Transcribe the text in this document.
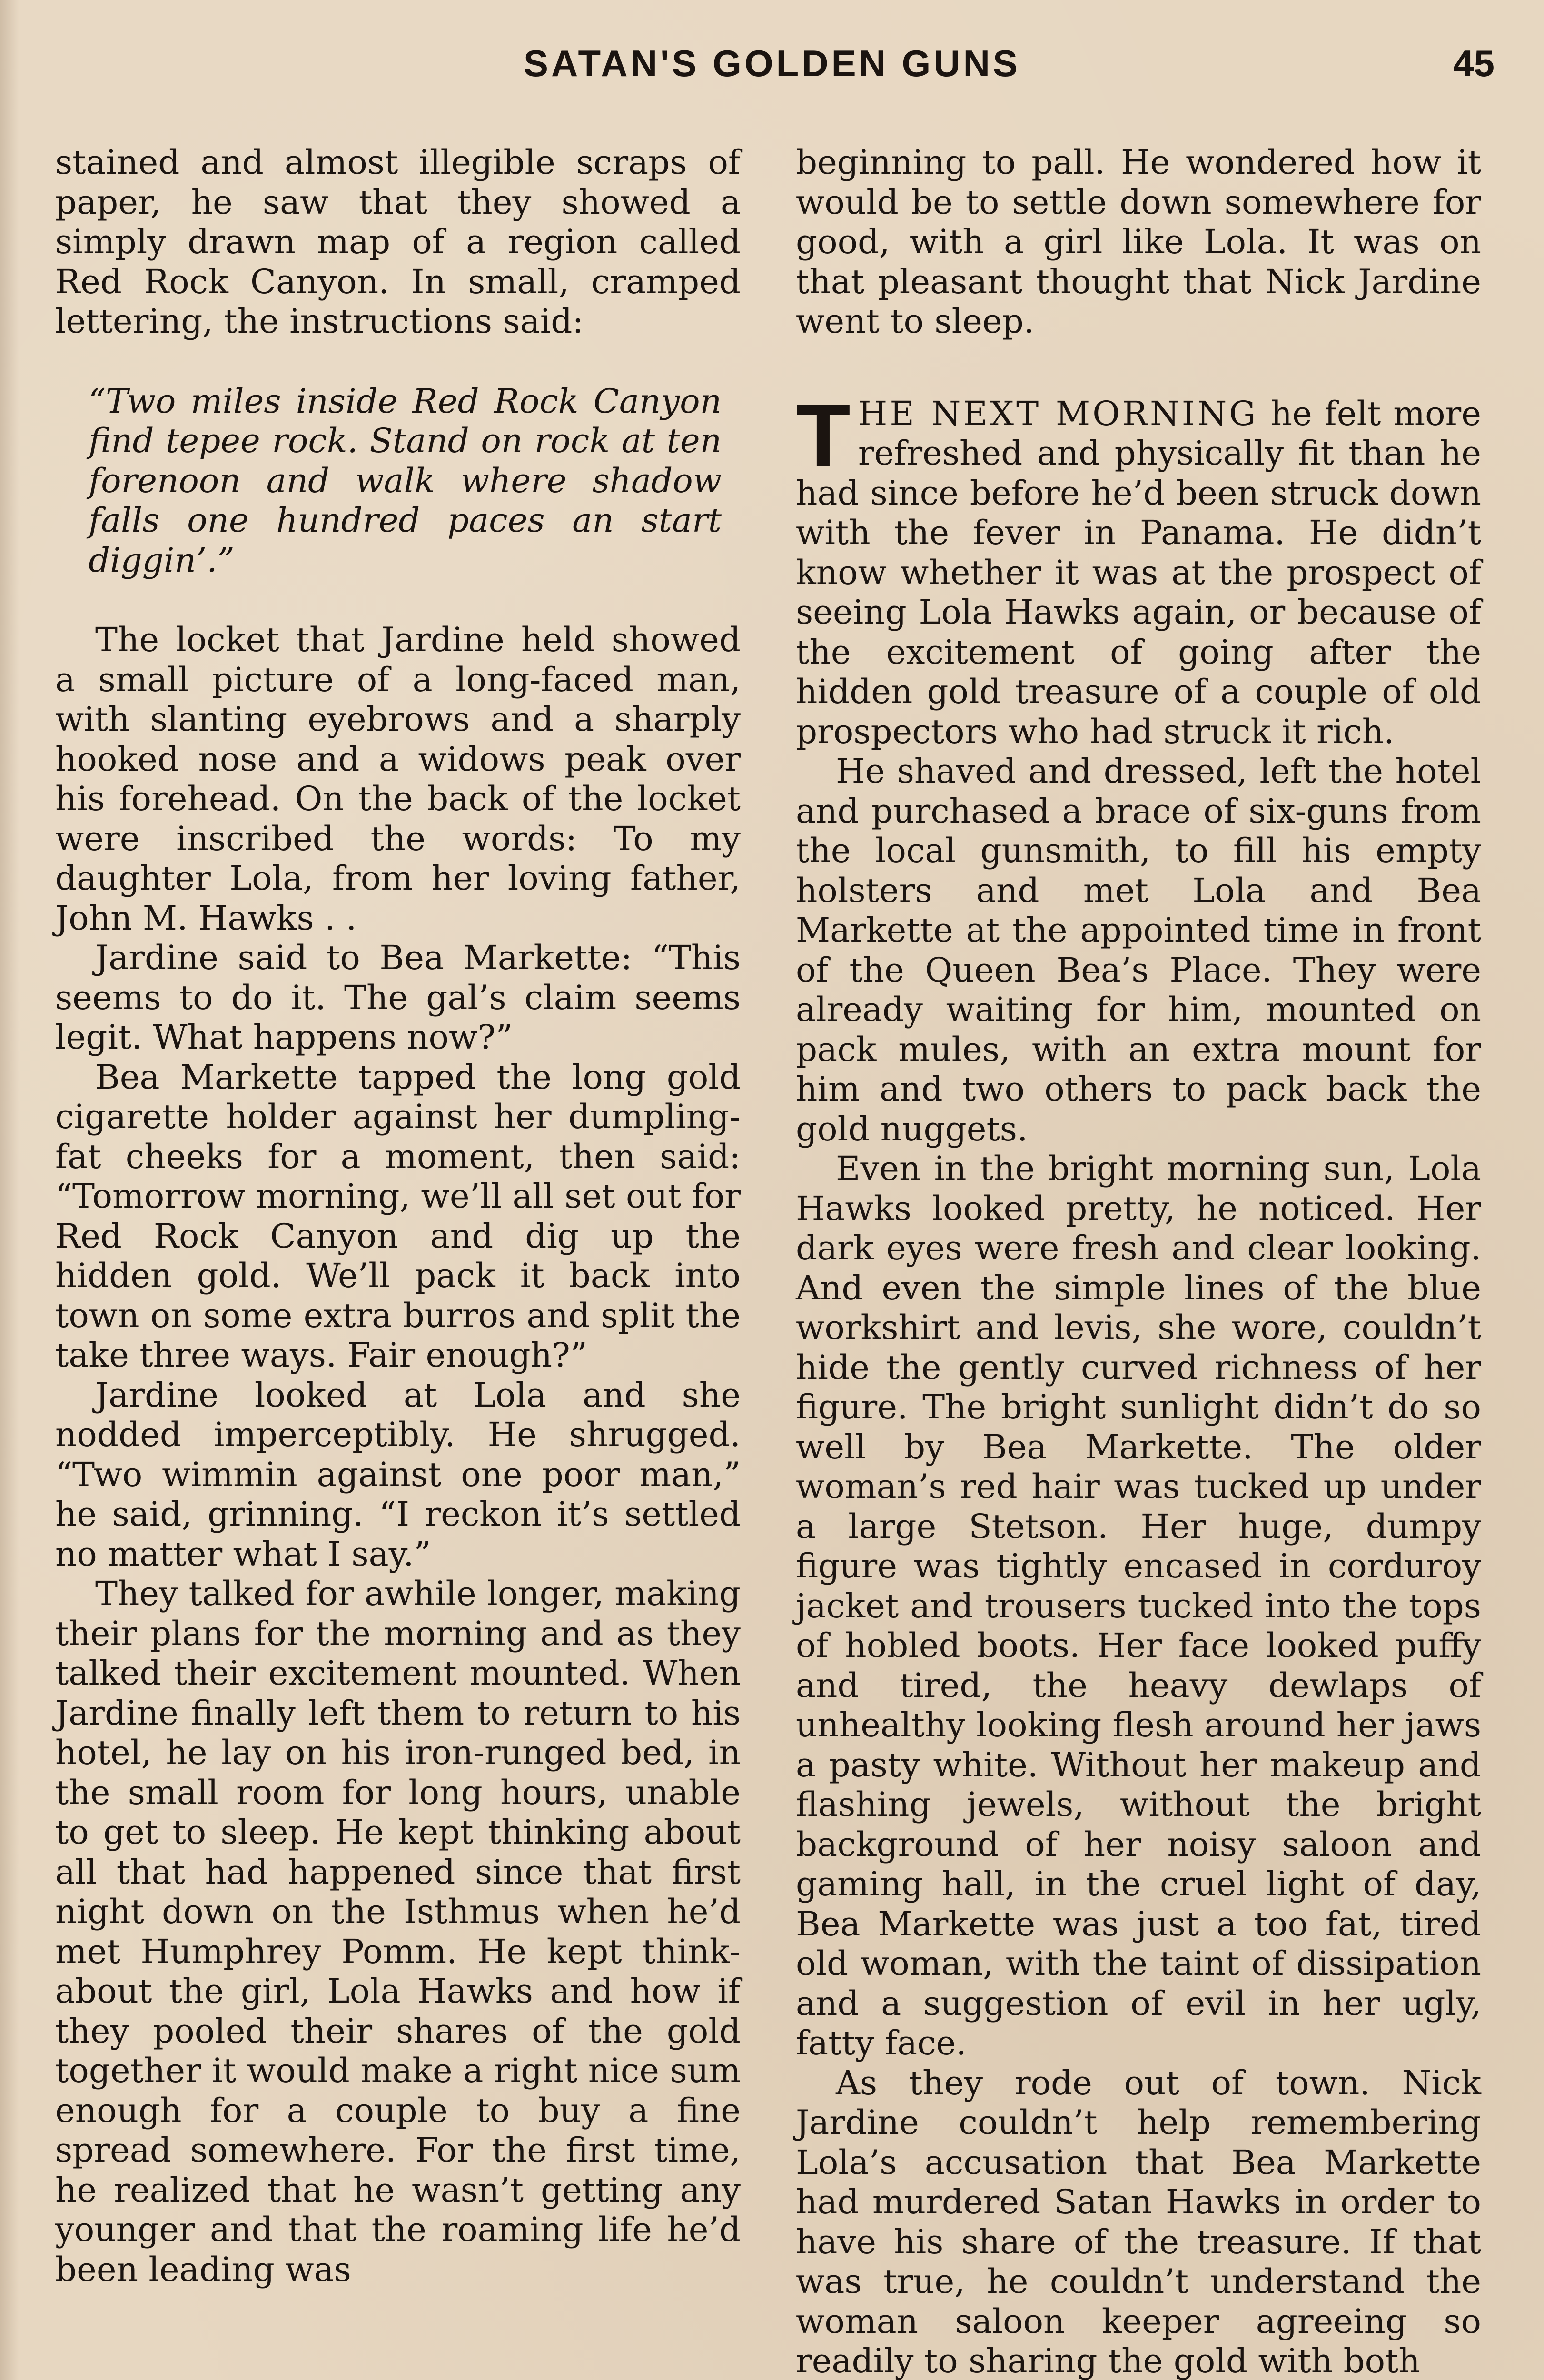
SATAN'S GOLDEN GUNS	45

stained and almost illegible scraps of paper, he saw that they showed a simply drawn map of a region called Red Rock Canyon. In small, cramped lettering, the instructions said:

“Two miles inside Red Rock Canyon find tepee rock. Stand on rock at ten forenoon and walk where shadow falls one hundred paces an start diggin’.”

The locket that Jardine held showed a small picture of a long-faced man, with slanting eyebrows and a sharply hooked nose and a widows peak over his forehead. On the back of the locket were inscribed the words: To my daughter Lola, from her loving father, John M. Hawks . .

Jardine said to Bea Markette: “This seems to do it. The gal’s claim seems legit. What happens now?”

Bea Markette tapped the long gold cigarette holder against her dumpling-fat cheeks for a moment, then said: “Tomorrow morning, we’ll all set out for Red Rock Canyon and dig up the hidden gold. We’ll pack it back into town on some extra burros and split the take three ways. Fair enough?”

Jardine looked at Lola and she nodded imperceptibly. He shrugged. “Two wimmin against one poor man,” he said, grinning. “I reckon it’s settled no matter what I say.”

They talked for awhile longer, making their plans for the morning and as they talked their excitement mounted. When Jardine finally left them to return to his hotel, he lay on his iron-runged bed, in the small room for long hours, unable to get to sleep. He kept thinking about all that had happened since that first night down on the Isthmus when he’d met Humphrey Pomm. He kept think-about the girl, Lola Hawks and how if they pooled their shares of the gold together it would make a right nice sum enough for a couple to buy a fine spread somewhere. For the first time, he realized that he wasn’t getting any younger and that the roaming life he’d been leading was

beginning to pall. He wondered how it would be to settle down somewhere for good, with a girl like Lola. It was on that pleasant thought that Nick Jardine went to sleep.

THE NEXT MORNING he felt more refreshed and physically fit than he had since before he’d been struck down with the fever in Panama. He didn’t know whether it was at the prospect of seeing Lola Hawks again, or because of the excitement of going after the hidden gold treasure of a couple of old prospectors who had struck it rich.

He shaved and dressed, left the hotel and purchased a brace of six-guns from the local gunsmith, to fill his empty holsters and met Lola and Bea Markette at the appointed time in front of the Queen Bea’s Place. They were already waiting for him, mounted on pack mules, with an extra mount for him and two others to pack back the gold nuggets.

Even in the bright morning sun, Lola Hawks looked pretty, he noticed. Her dark eyes were fresh and clear looking. And even the simple lines of the blue workshirt and levis, she wore, couldn’t hide the gently curved richness of her figure. The bright sunlight didn’t do so well by Bea Markette. The older woman’s red hair was tucked up under a large Stetson. Her huge, dumpy figure was tightly encased in corduroy jacket and trousers tucked into the tops of hobled boots. Her face looked puffy and tired, the heavy dewlaps of unhealthy looking flesh around her jaws a pasty white. Without her makeup and flashing jewels, without the bright background of her noisy saloon and gaming hall, in the cruel light of day, Bea Markette was just a too fat, tired old woman, with the taint of dissipation and a suggestion of evil in her ugly, fatty face.

As they rode out of town. Nick Jardine couldn’t help remembering Lola’s accusation that Bea Markette had murdered Satan Hawks in order to have his share of the treasure. If that was true, he couldn’t understand the woman saloon keeper agreeing so readily to sharing the gold with both
